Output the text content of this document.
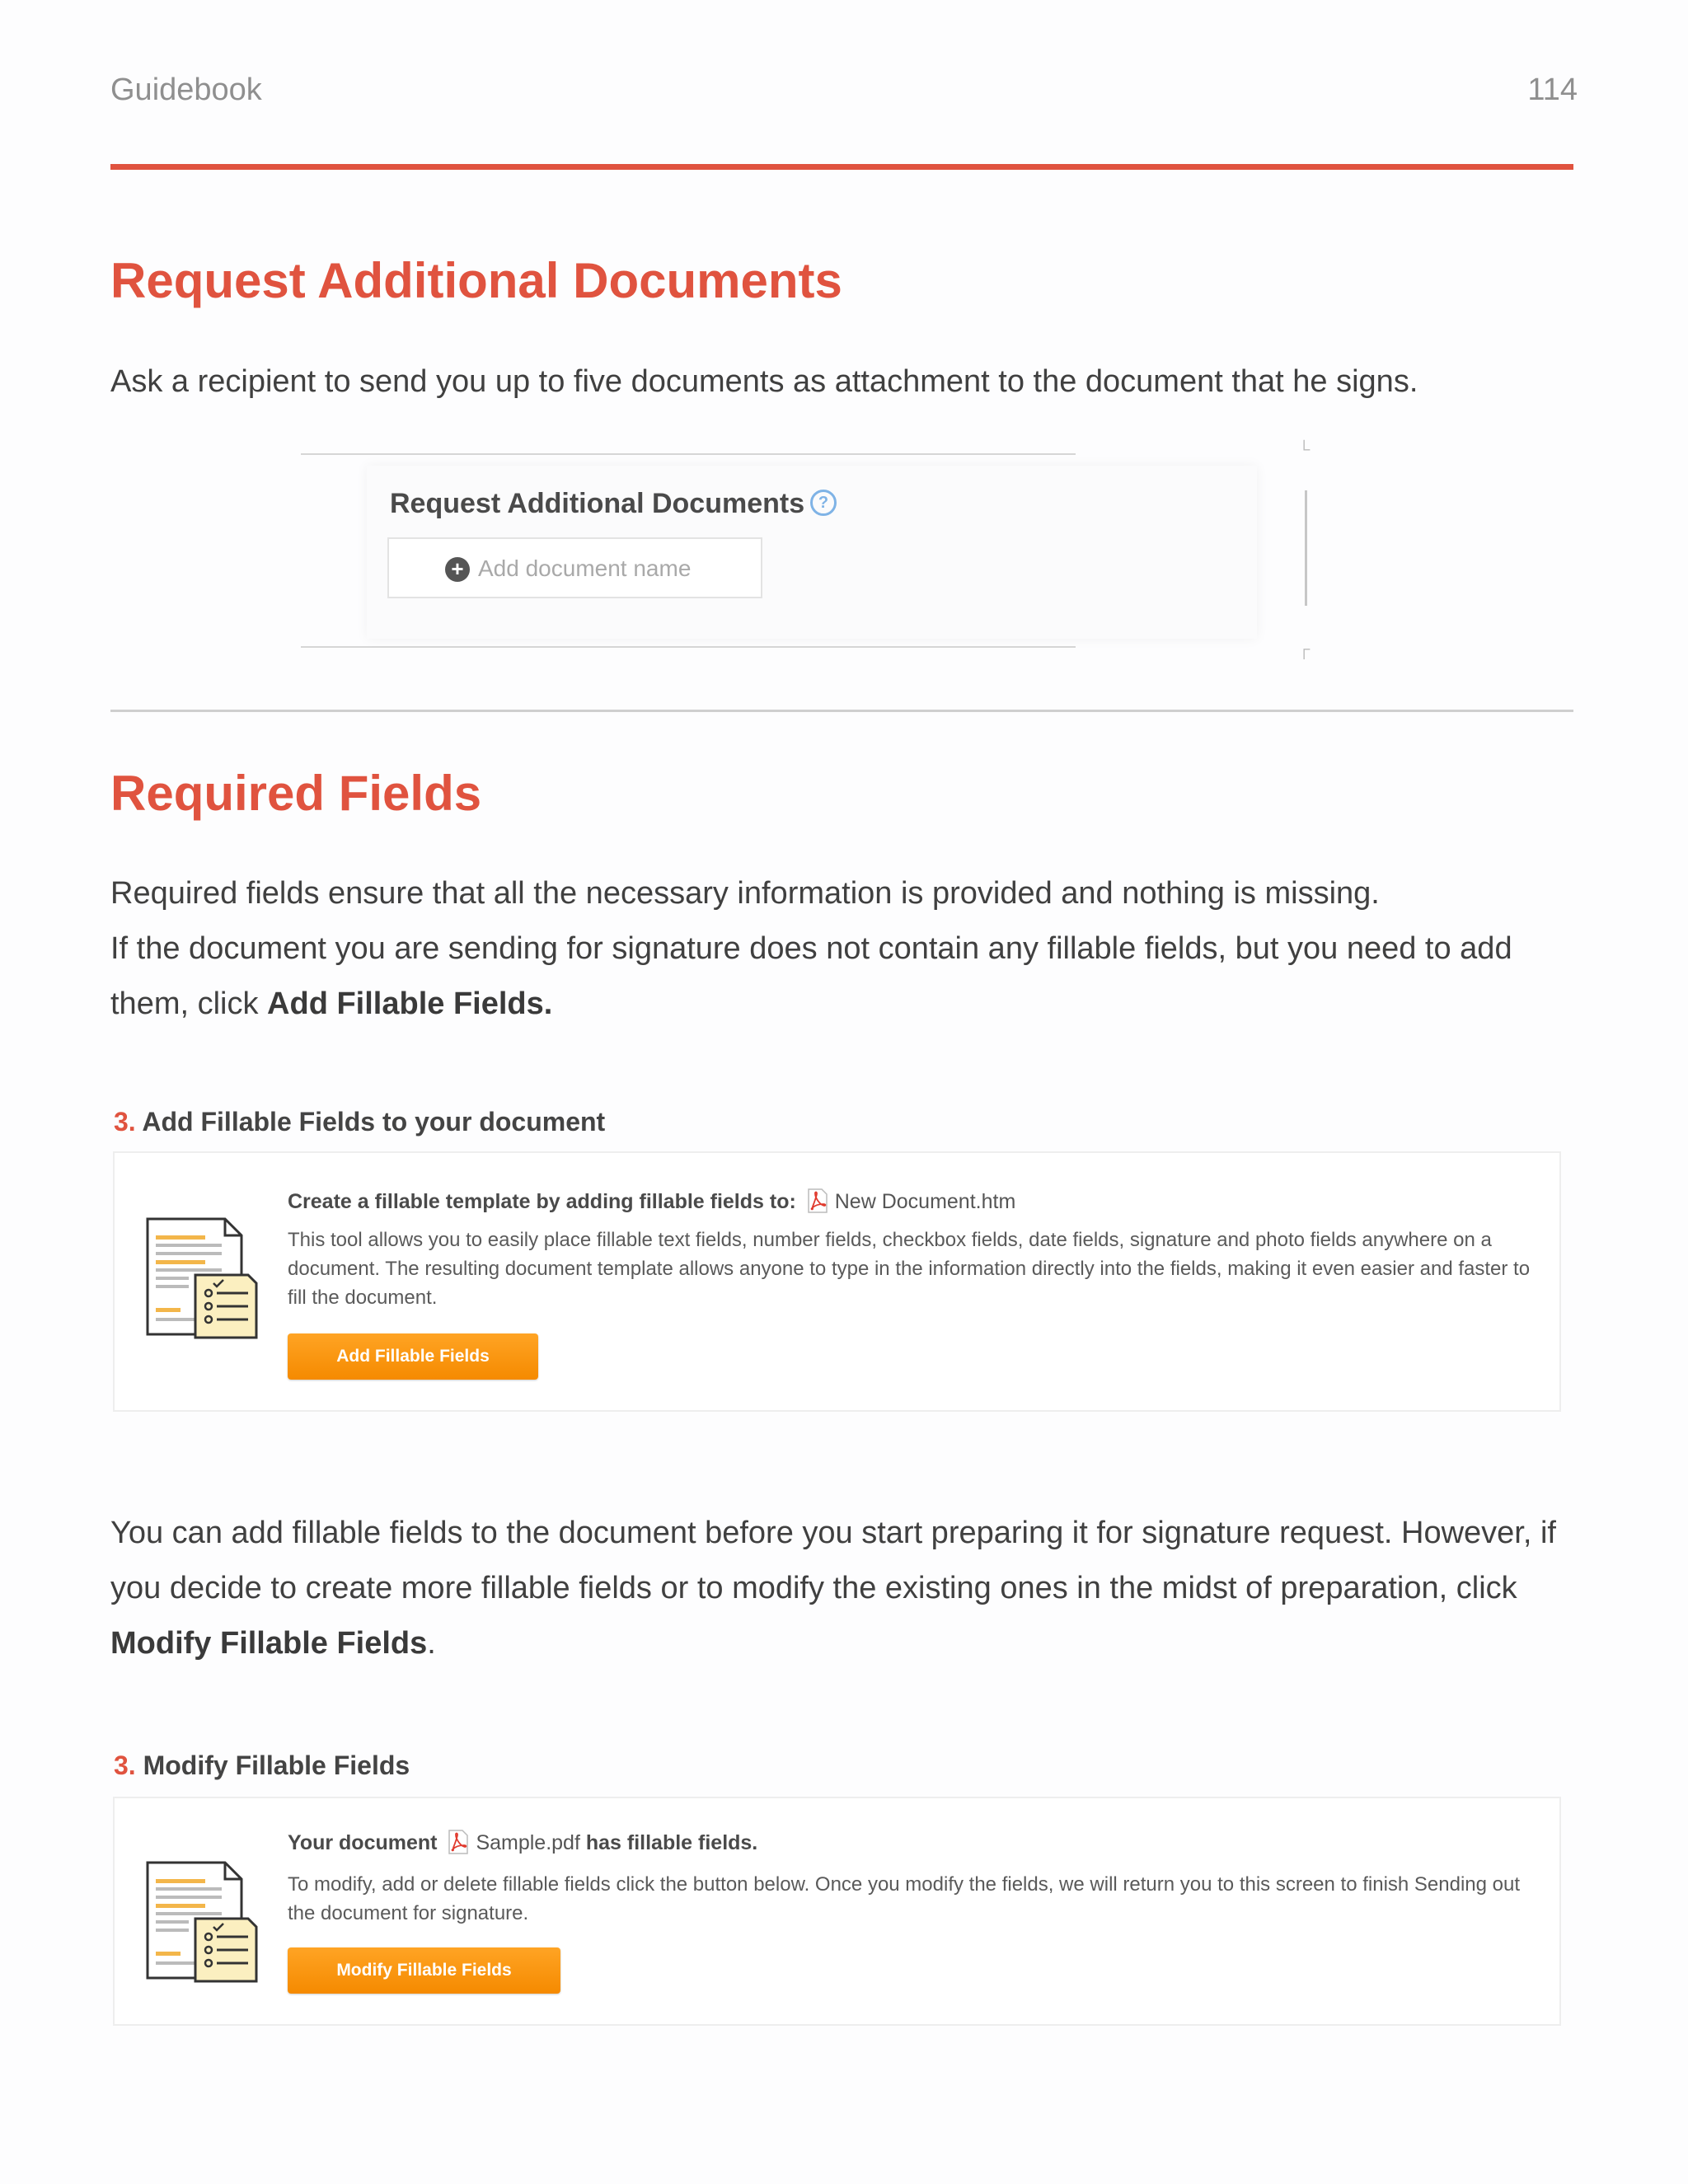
Guidebook	114
Request Additional Documents

Ask a recipient to send you up to five documents as attachment to the document that he signs.

└
┌
Request Additional Documents ?
+ Add document name
Required Fields

Required fields ensure that all the necessary information is provided and nothing is missing.
If the document you are sending for signature does not contain any fillable fields, but you need to add them, click Add Fillable Fields.

3. Add Fillable Fields to your document
Create a fillable template by adding fillable fields to: New Document.htm
This tool allows you to easily place fillable text fields, number fields, checkbox fields, date fields, signature and photo fields anywhere on a document. The resulting document template allows anyone to type in the information directly into the fields, making it even easier and faster to fill the document.
Add Fillable Fields

You can add fillable fields to the document before you start preparing it for signature request. However, if you decide to create more fillable fields or to modify the existing ones in the midst of preparation, click Modify Fillable Fields.

3. Modify Fillable Fields
Your document Sample.pdf has fillable fields.
To modify, add or delete fillable fields click the button below. Once you modify the fields, we will return you to this screen to finish Sending out the document for signature.
Modify Fillable Fields
